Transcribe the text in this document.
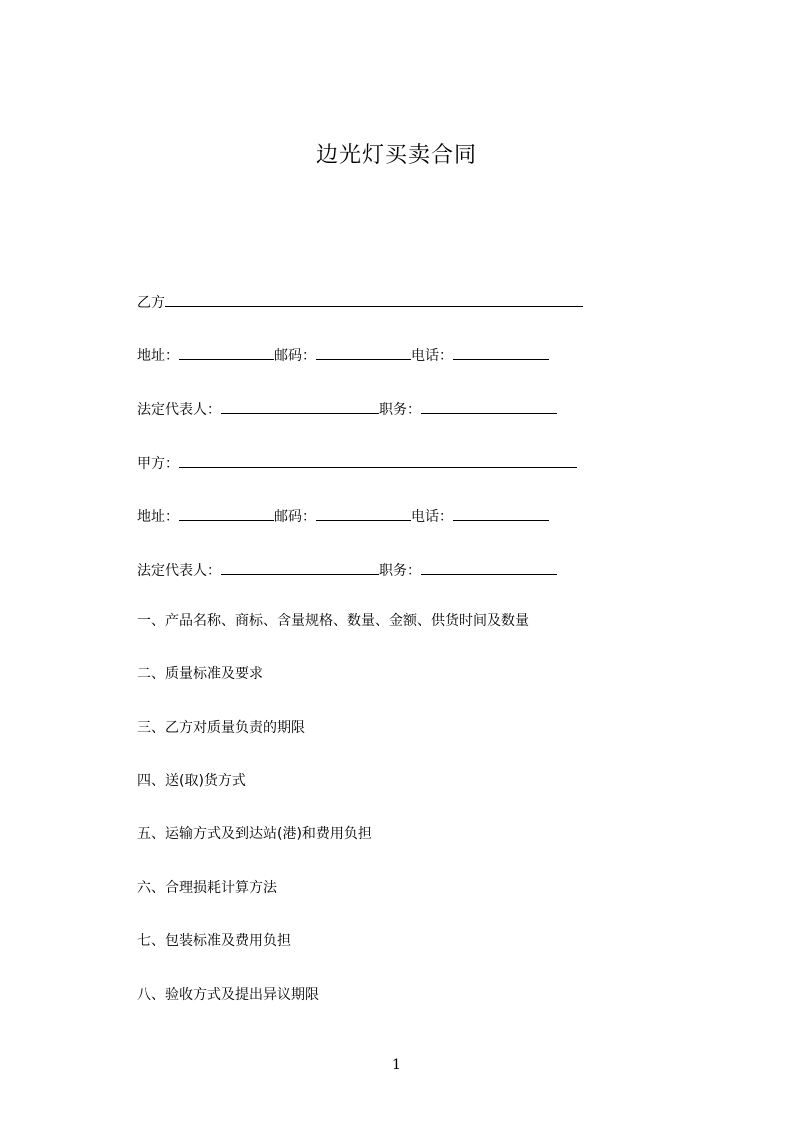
边光灯买卖合同
乙方
地址：	邮码：	电话：
法定代表人：	职务：
甲方：
地址：	邮码：	电话：
法定代表人：	职务：
一、产品名称、商标、含量规格、数量、金额、供货时间及数量
二、质量标准及要求
三、乙方对质量负责的期限
四、送(取)货方式
五、运输方式及到达站(港)和费用负担
六、合理损耗计算方法
七、包装标准及费用负担
八、验收方式及提出异议期限
1
